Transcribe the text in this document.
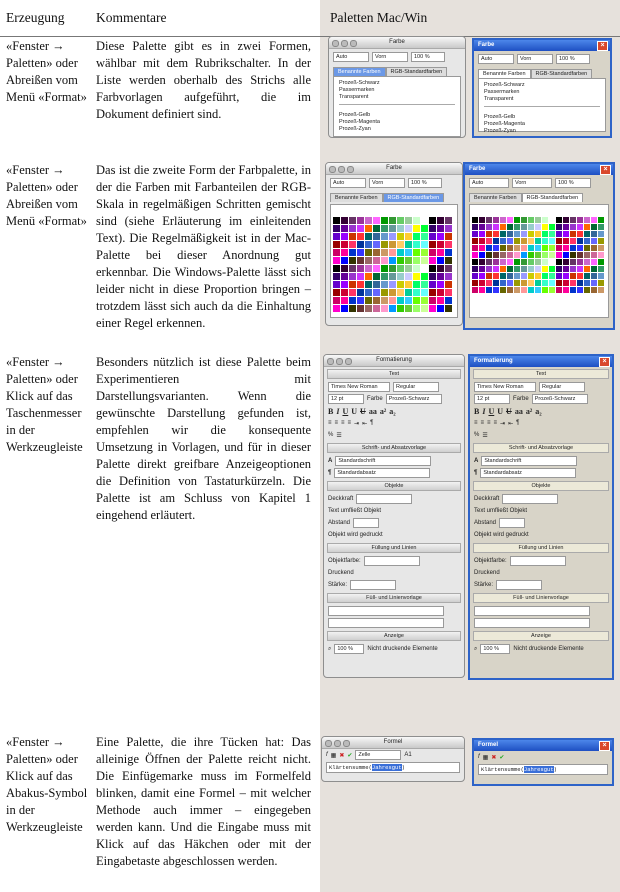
Erzeugung Kommentare	Paletten Mac/Win
«Fenster → Paletten» oder Abreißen vom Menü «Format»
Diese Palette gibt es in zwei Formen, wählbar mit dem Rubrikschalter. In der Liste werden oberhalb des Strichs alle Farbvorlagen aufgeführt, die im Dokument definiert sind.
Farbe
Auto	Vorn	100 %
Benannte Farben	RGB-Standardfarben
Prozeß-Schwarz
Passermarken
Transparent
Prozeß-Gelb
Prozeß-Magenta
Prozeß-Zyan
Farbe	×
Auto	Vorn	100 %
Benannte Farben	RGB-Standardfarben
Prozeß-Schwarz
Passermarken
Transparent
Prozeß-Gelb
Prozeß-Magenta
Prozeß-Zyan
«Fenster → Paletten» oder Abreißen vom Menü «Format»
Das ist die zweite Form der Farbpalette, in der die Farben mit Farbanteilen der RGB-Skala in regelmäßigen Schritten gemischt sind (siehe Erläuterung im einleitenden Text). Die Regelmäßigkeit ist in der Mac-Palette bei dieser Anordnung gut erkennbar. Die Windows-Palette lässt sich leider nicht in diese Proportion bringen – trotzdem lässt sich auch da die Einhaltung einer Regel erkennen.
Farbe
Auto	Vorn	100 %
Benannte Farben	RGB-Standardfarben
Farbe	×
Auto	Vorn	100 %
Benannte Farben	RGB-Standardfarben
«Fenster → Paletten» oder Klick auf das Taschenmesser in der Werkzeugleiste
Besonders nützlich ist diese Palette beim Experimentieren mit Darstellungsvarianten. Wenn die gewünschte Darstellung gefunden ist, empfehlen wir die konsequente Umsetzung in Vorlagen, und für in dieser Palette direkt greifbare Anzeigeoptionen die Definition von Tastaturkürzeln. Die Palette ist am Schluss von Kapitel 1 eingehend erläutert.
Formatierung
Text
Times New Roman	Regular
12 pt	Farbe	Prozeß-Schwarz
B I U U U aa a² a₂
≡ ≡ ≡ ≡ ⇥ ⇤ ¶
% ☰
Schrift- und Absatzvorlage
A	Standardschrift
¶	Standardabsatz
Objekte
Deckkraft
Text umfließt Objekt
Abstand
Objekt wird gedruckt
Füllung und Linien
Objektfarbe:
Druckend
Stärke:
Füll- und Linienvorlage
Anzeige
⌕	100 %	Nicht druckende Elemente
Formatierung	×
Text
Times New Roman	Regular
12 pt	Farbe	Prozeß-Schwarz
B I U U U aa a² a₂
≡ ≡ ≡ ≡ ⇥ ⇤ ¶
% ☰
Schrift- und Absatzvorlage
A	Standardschrift
¶	Standardabsatz
Objekte
Deckkraft
Text umfließt Objekt
Abstand
Objekt wird gedruckt
Füllung und Linien
Objektfarbe:
Druckend
Stärke:
Füll- und Linienvorlage
Anzeige
⌕	100 %	Nicht druckende Elemente
«Fenster → Paletten» oder Klick auf das Abakus-Symbol in der Werkzeugleiste
Eine Palette, die ihre Tücken hat: Das alleinige Öffnen der Palette reicht nicht. Die Einfügemarke muss im Formelfeld blinken, damit eine Formel – mit welcher Methode auch immer – eingegeben werden kann. Und die Eingabe muss mit Klick auf das Häkchen oder mit der Eingabetaste abgeschlossen werden.
Formel
f ▦ ✖ ✔	Zelle	A1
Klärtensumme(Jahresgut)
Formel	×
f ▦ ✖ ✔
Klärtensumme(Jahresgut)
